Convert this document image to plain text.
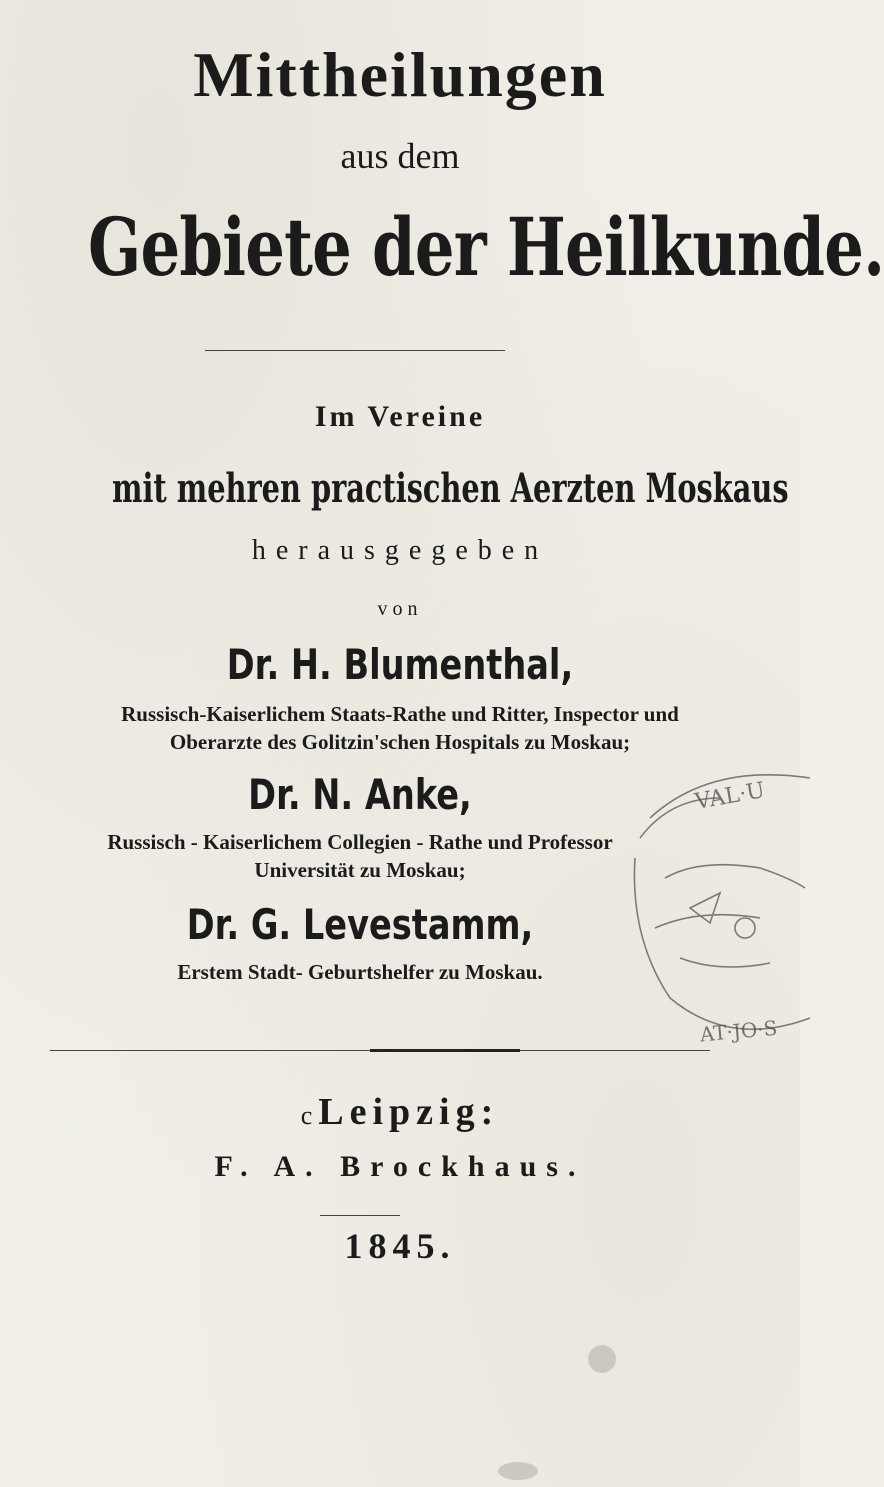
Mittheilungen

aus dem

Gebiete der Heilkunde.

Im Vereine

mit mehren practischen Aerzten Moskaus

herausgegeben

von

Dr. H. Blumenthal,

Russisch-Kaiserlichem Staats-Rathe und Ritter, Inspector und

Oberarzte des Golitzin'schen Hospitals zu Moskau;

Dr. N. Anke,

Russisch - Kaiserlichem Collegien - Rathe und Professor

Universität zu Moskau;

Dr. G. Levestamm,

Erstem Stadt- Geburtshelfer zu Moskau.

VAL·U
AT·JO·S

c Leipzig:

F. A. Brockhaus.

1845.
